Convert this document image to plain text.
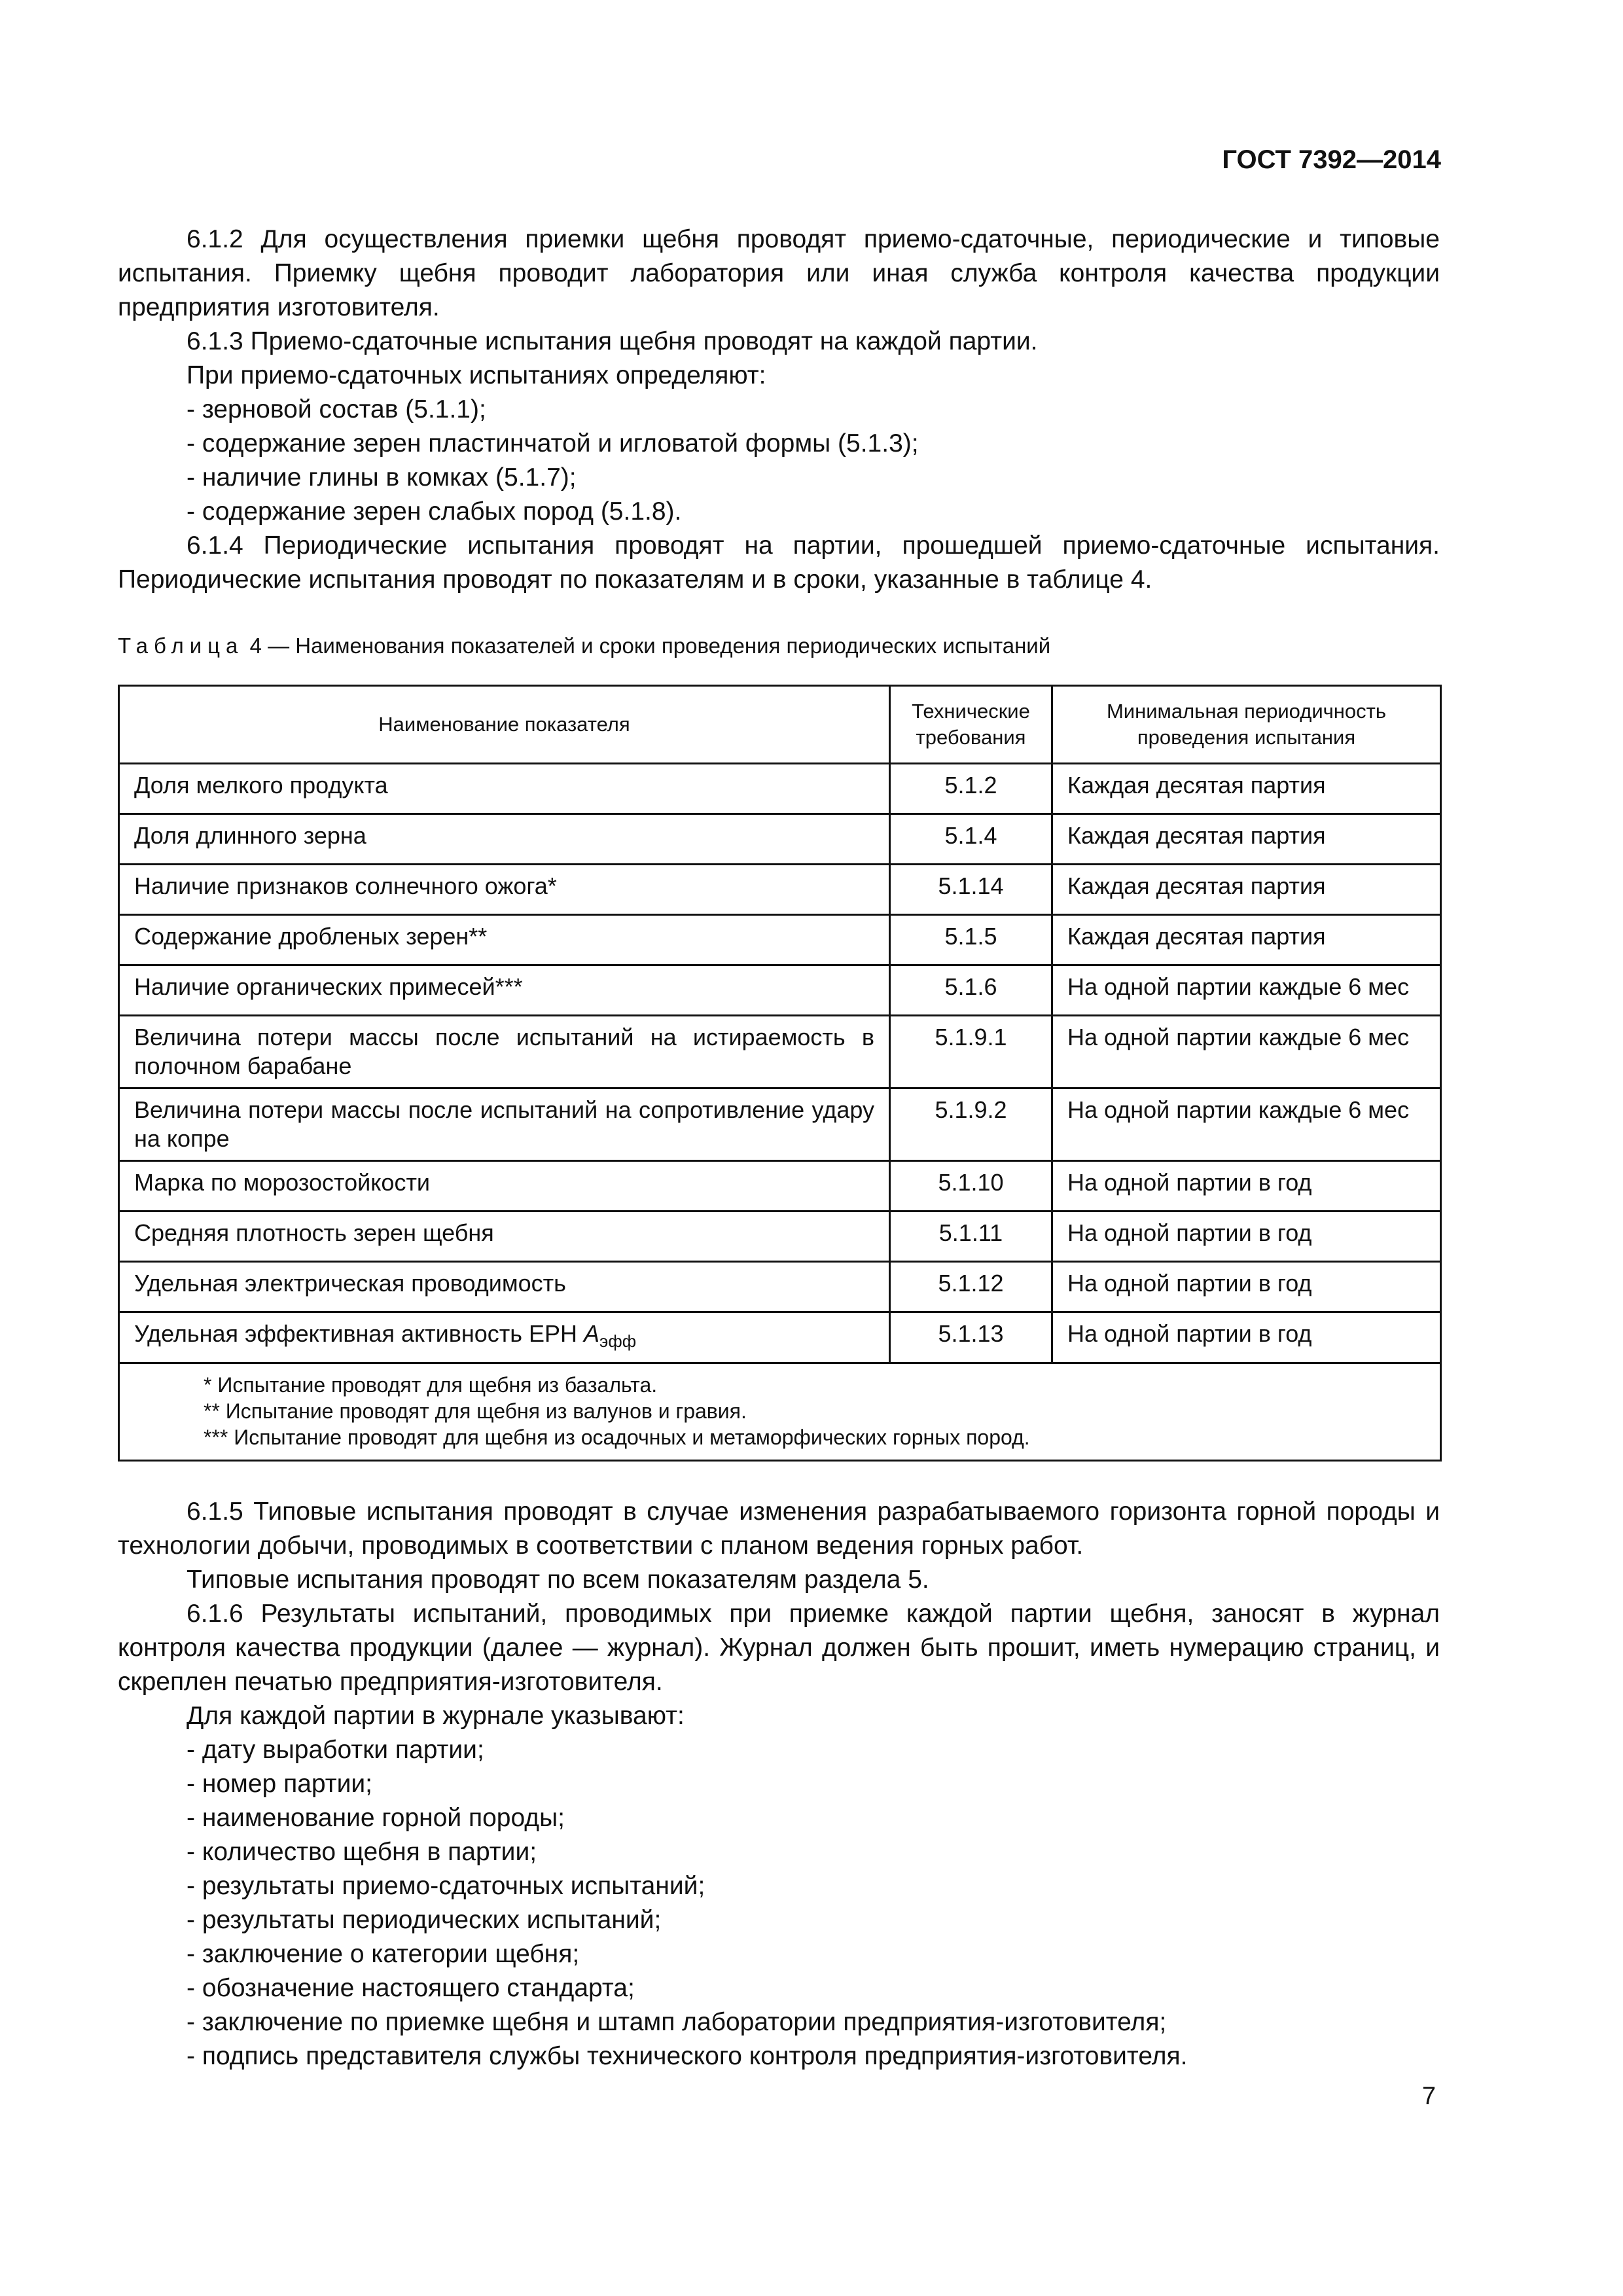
ГОСТ 7392—2014

6.1.2 Для осуществления приемки щебня проводят приемо-сдаточные, периодические и типовые испытания. Приемку щебня проводит лаборатория или иная служба контроля качества продукции предприятия изготовителя.

6.1.3 Приемо-сдаточные испытания щебня проводят на каждой партии.

При приемо-сдаточных испытаниях определяют:

- зерновой состав (5.1.1);

- содержание зерен пластинчатой и игловатой формы (5.1.3);

- наличие глины в комках (5.1.7);

- содержание зерен слабых пород (5.1.8).

6.1.4 Периодические испытания проводят на партии, прошедшей приемо-сдаточные испытания. Периодические испытания проводят по показателям и в сроки, указанные в таблице 4.

Таблица 4 — Наименования показателей и сроки проведения периодических испытаний
Наименование показателя	Технические требования	Минимальная периодичность проведения испытания
Доля мелкого продукта	5.1.2	Каждая десятая партия
Доля длинного зерна	5.1.4	Каждая десятая партия
Наличие признаков солнечного ожога*	5.1.14	Каждая десятая партия
Содержание дробленых зерен**	5.1.5	Каждая десятая партия
Наличие органических примесей***	5.1.6	На одной партии каждые 6 мес
Величина потери массы после испытаний на истираемость в полочном барабане	5.1.9.1	На одной партии каждые 6 мес
Величина потери массы после испытаний на сопротивление удару на копре	5.1.9.2	На одной партии каждые 6 мес
Марка по морозостойкости	5.1.10	На одной партии в год
Средняя плотность зерен щебня	5.1.11	На одной партии в год
Удельная электрическая проводимость	5.1.12	На одной партии в год
Удельная эффективная активность ЕРН $A_{эфф}$	5.1.13	На одной партии в год

* Испытание проводят для щебня из базальта.
** Испытание проводят для щебня из валунов и гравия.
*** Испытание проводят для щебня из осадочных и метаморфических горных пород.		

6.1.5 Типовые испытания проводят в случае изменения разрабатываемого горизонта горной породы и технологии добычи, проводимых в соответствии с планом ведения горных работ.

Типовые испытания проводят по всем показателям раздела 5.

6.1.6 Результаты испытаний, проводимых при приемке каждой партии щебня, заносят в журнал контроля качества продукции (далее — журнал). Журнал должен быть прошит, иметь нумерацию страниц, и скреплен печатью предприятия-изготовителя.

Для каждой партии в журнале указывают:

- дату выработки партии;

- номер партии;

- наименование горной породы;

- количество щебня в партии;

- результаты приемо-сдаточных испытаний;

- результаты периодических испытаний;

- заключение о категории щебня;

- обозначение настоящего стандарта;

- заключение по приемке щебня и штамп лаборатории предприятия-изготовителя;

- подпись представителя службы технического контроля предприятия-изготовителя.

7
